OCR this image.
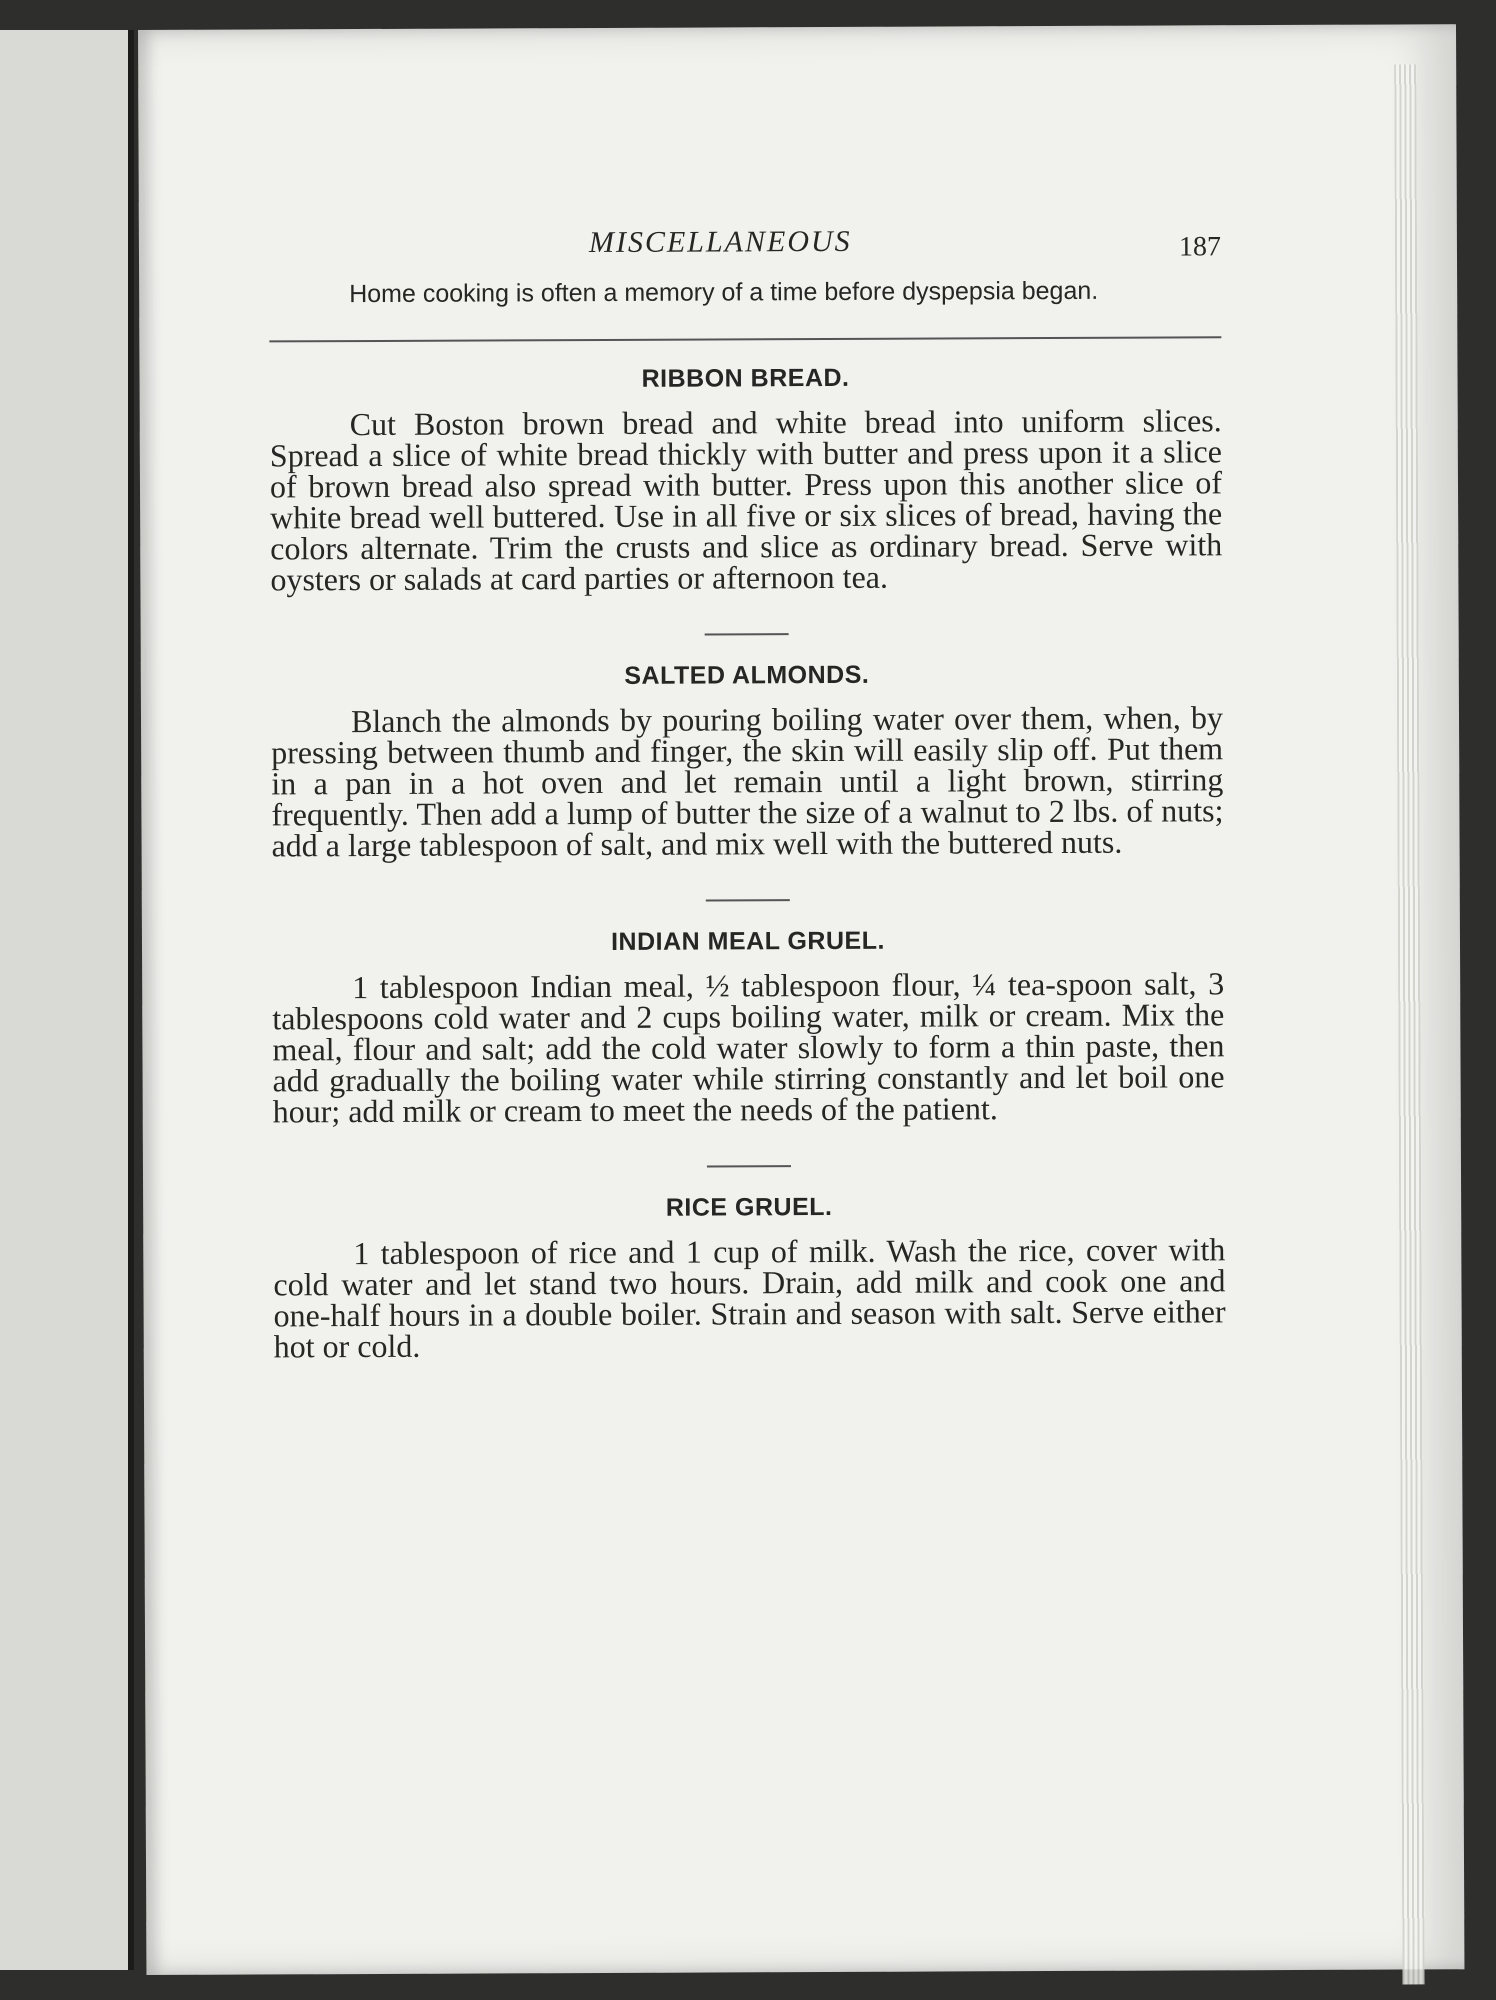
MISCELLANEOUS	187

Home cooking is often a memory of a time before dyspepsia began.

RIBBON BREAD.

Cut Boston brown bread and white bread into uniform slices. Spread a slice of white bread thickly with butter and press upon it a slice of brown bread also spread with butter. Press upon this another slice of white bread well buttered. Use in all five or six slices of bread, having the colors alternate. Trim the crusts and slice as ordinary bread. Serve with oysters or salads at card parties or afternoon tea.

SALTED ALMONDS.

Blanch the almonds by pouring boiling water over them, when, by pressing between thumb and finger, the skin will easily slip off. Put them in a pan in a hot oven and let remain until a light brown, stirring frequently. Then add a lump of butter the size of a walnut to 2 lbs. of nuts; add a large tablespoon of salt, and mix well with the buttered nuts.

INDIAN MEAL GRUEL.

1 tablespoon Indian meal, ½ tablespoon flour, ¼ tea-spoon salt, 3 tablespoons cold water and 2 cups boiling water, milk or cream. Mix the meal, flour and salt; add the cold water slowly to form a thin paste, then add gradually the boiling water while stirring constantly and let boil one hour; add milk or cream to meet the needs of the patient.

RICE GRUEL.

1 tablespoon of rice and 1 cup of milk. Wash the rice, cover with cold water and let stand two hours. Drain, add milk and cook one and one-half hours in a double boiler. Strain and season with salt. Serve either hot or cold.
